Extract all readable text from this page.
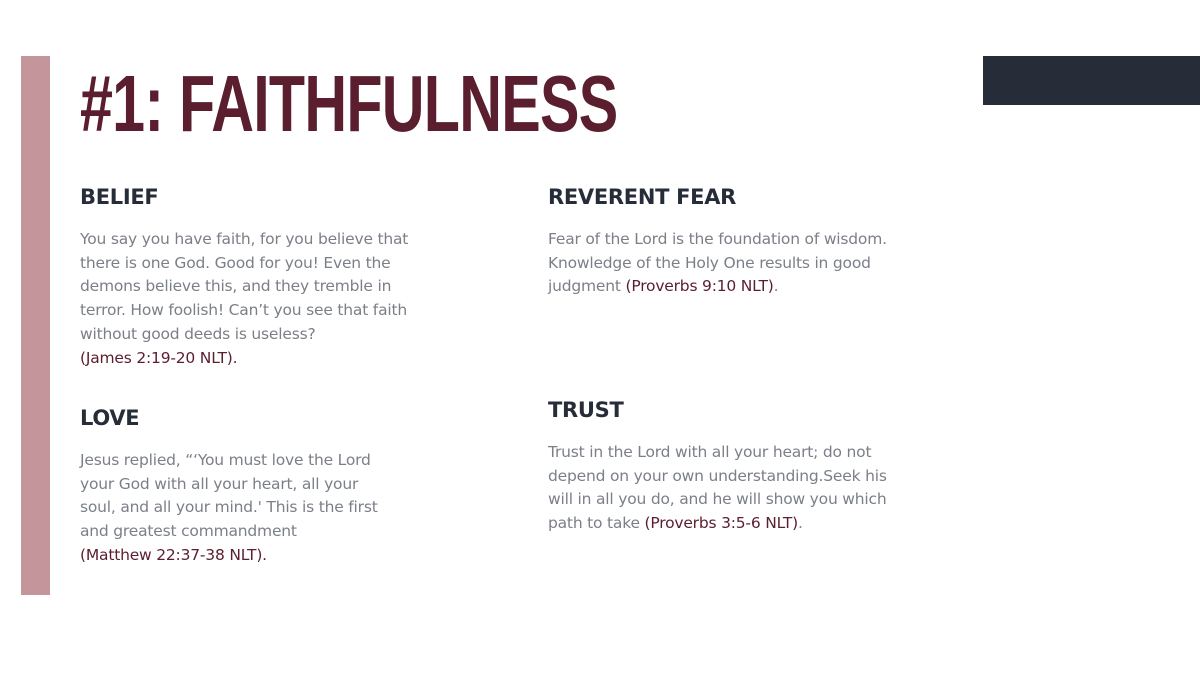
#1: FAITHFULNESS
BELIEF

You say you have faith, for you believe that
there is one God. Good for you! Even the
demons believe this, and they tremble in
terror. How foolish! Can’t you see that faith
without good deeds is useless?
(James 2:19-20 NLT).

REVERENT FEAR

Fear of the Lord is the foundation of wisdom.
Knowledge of the Holy One results in good
judgment (Proverbs 9:10 NLT).

LOVE

Jesus replied, “‘You must love the Lord
your God with all your heart, all your
soul, and all your mind.' This is the first
and greatest commandment
(Matthew 22:37-38 NLT).

TRUST

Trust in the Lord with all your heart; do not
depend on your own understanding.Seek his
will in all you do, and he will show you which
path to take (Proverbs 3:5-6 NLT).
